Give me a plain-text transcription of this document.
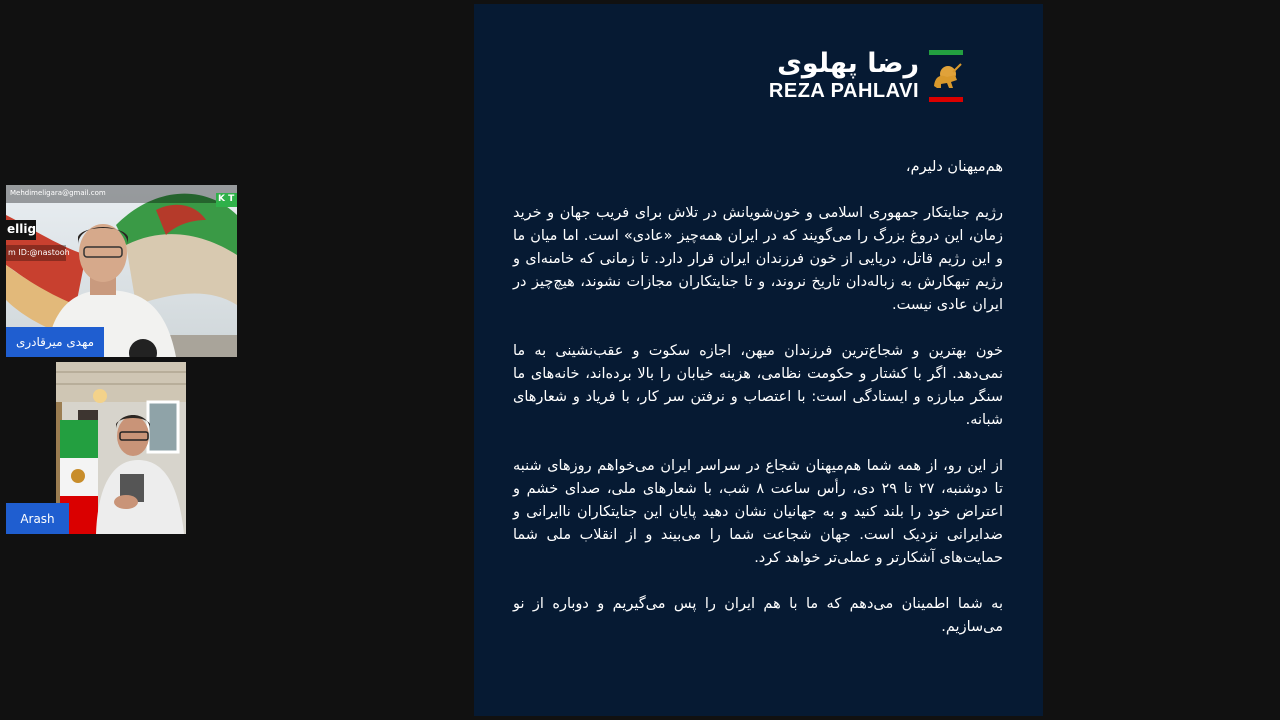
Mehdimeligara@gmail.com
K T
ellig
m ID:@nastooh
مهدی میرقادری
Arash
رضا پهلوی
REZA PAHLAVI

هم‌میهنان دلیرم،

رژیم جنایتکار جمهوری اسلامی و خون‌شویانش در تلاش برای فریب جهان و خرید زمان، این دروغ بزرگ را می‌گویند که در ایران همه‌چیز «عادی» است. اما میان ما و این رژیم قاتل، دریایی از خون فرزندان ایران قرار دارد. تا زمانی که خامنه‌ای و رژیم تبهکارش به زباله‌دان تاریخ نروند، و تا جنایتکاران مجازات نشوند، هیچ‌چیز در ایران عادی نیست.

خون بهترین و شجاع‌ترین فرزندان میهن، اجازه سکوت و عقب‌نشینی به ما نمی‌دهد. اگر با کشتار و حکومت نظامی، هزینه خیابان را بالا برده‌اند، خانه‌های ما سنگر مبارزه و ایستادگی است: با اعتصاب و نرفتن سر کار، با فریاد و شعارهای شبانه.

از این رو، از همه شما هم‌میهنان شجاع در سراسر ایران می‌خواهم روزهای شنبه تا دوشنبه، ۲۷ تا ۲۹ دی، رأس ساعت ۸ شب، با شعارهای ملی، صدای خشم و اعتراض خود را بلند کنید و به جهانیان نشان دهید پایان این جنایتکاران ناایرانی و ضدایرانی نزدیک است. جهان شجاعت شما را می‌بیند و از انقلاب ملی شما حمایت‌های آشکارتر و عملی‌تر خواهد کرد.

به شما اطمینان می‌دهم که ما با هم ایران را پس می‌گیریم و دوباره از نو می‌سازیم.
